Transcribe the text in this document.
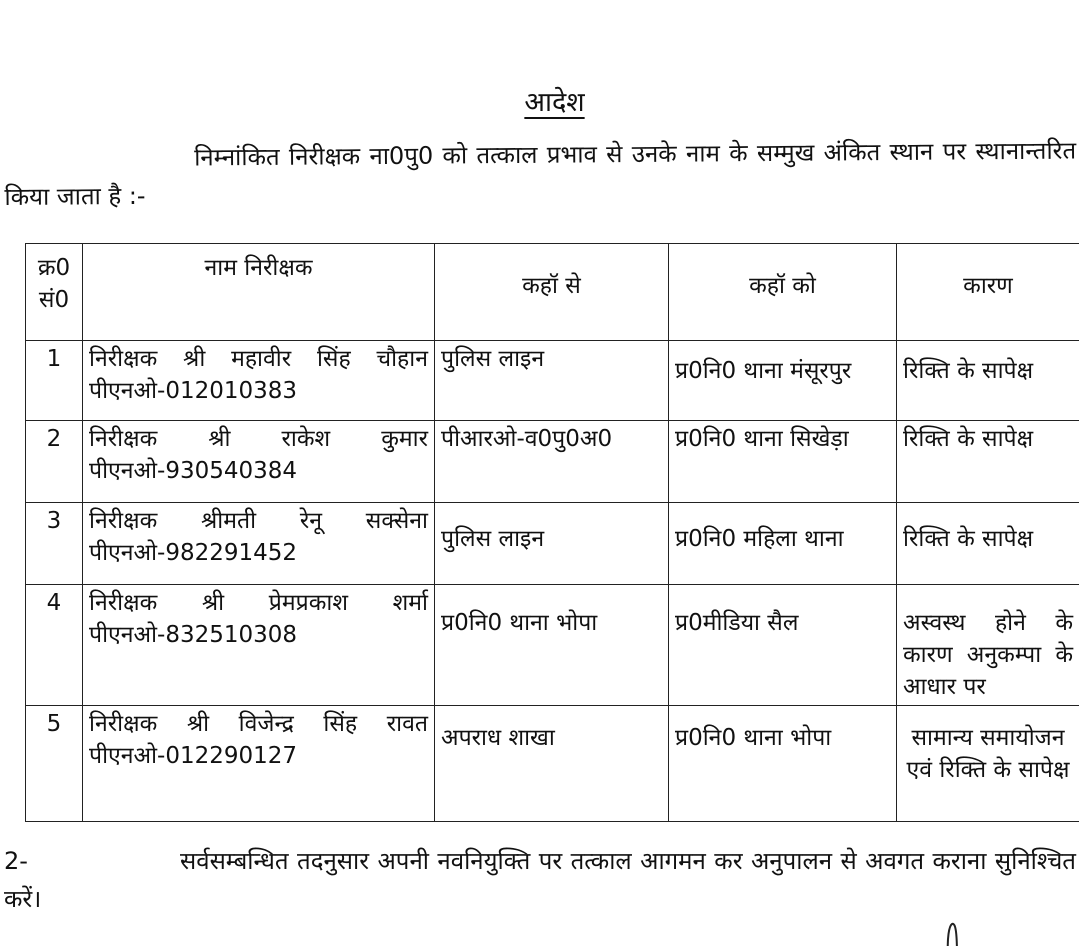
आदेश
निम्नांकित निरीक्षक ना0पु0 को तत्काल प्रभाव से उनके नाम के सम्मुख अंकित स्थान पर स्थानान्तरित किया जाता है :-
क्र0 सं0	नाम निरीक्षक	कहॉ से	कहॉ को	कारण
1	निरीक्षक श्री महावीर सिंह चौहान पीएनओ-012010383	पुलिस लाइन	प्र0नि0 थाना मंसूरपुर	रिक्ति के सापेक्ष
2	निरीक्षक श्री राकेश कुमार पीएनओ-930540384	पीआरओ-व0पु0अ0	प्र0नि0 थाना सिखेड़ा	रिक्ति के सापेक्ष
3	निरीक्षक श्रीमती रेनू सक्सेना पीएनओ-982291452	पुलिस लाइन	प्र0नि0 महिला थाना	रिक्ति के सापेक्ष
4	निरीक्षक श्री प्रेमप्रकाश शर्मा पीएनओ-832510308	प्र0नि0 थाना भोपा	प्र0मीडिया सैल	अस्वस्थ होने के कारण अनुकम्पा के आधार पर
5	निरीक्षक श्री विजेन्द्र सिंह रावत पीएनओ-012290127	अपराध शाखा	प्र0नि0 थाना भोपा	सामान्य समायोजन एवं रिक्ति के सापेक्ष
2-	सर्वसम्बन्धित तदनुसार अपनी नवनियुक्ति पर तत्काल आगमन कर अनुपालन से अवगत कराना सुनिश्चित करें।
